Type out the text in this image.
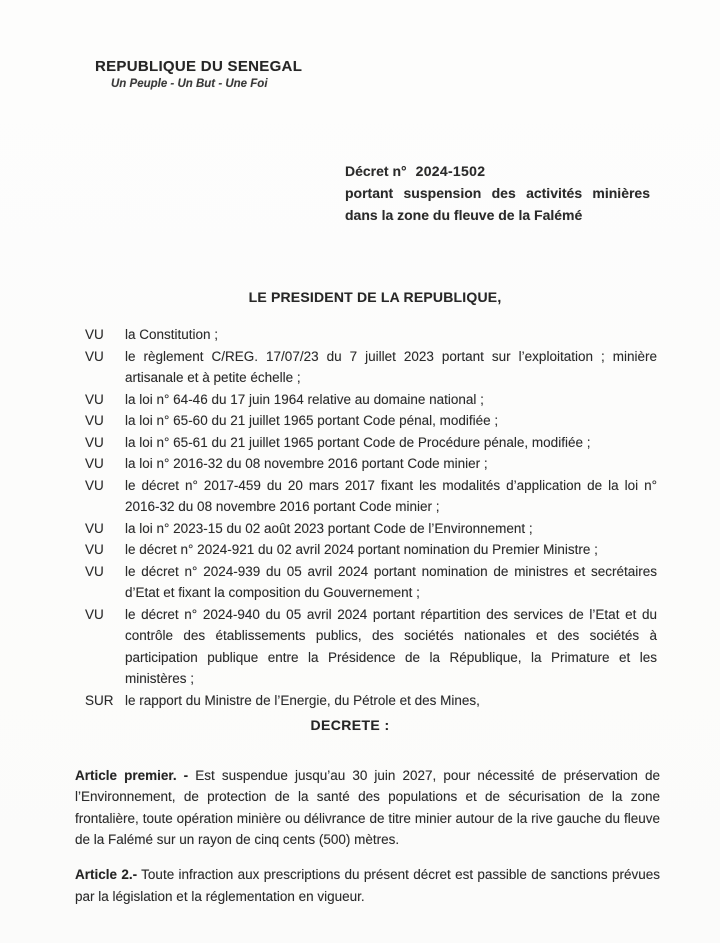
REPUBLIQUE DU SENEGAL
Un Peuple - Un But - Une Foi
Décret n° 2024-1502
portant suspension des activités minières dans la zone du fleuve de la Falémé
LE PRESIDENT DE LA REPUBLIQUE,
VU	la Constitution ;
VU	le règlement C/REG. 17/07/23 du 7 juillet 2023 portant sur l’exploitation ; minière artisanale et à petite échelle ;
VU	la loi n° 64-46 du 17 juin 1964 relative au domaine national ;
VU	la loi n° 65-60 du 21 juillet 1965 portant Code pénal, modifiée ;
VU	la loi n° 65-61 du 21 juillet 1965 portant Code de Procédure pénale, modifiée ;
VU	la loi n° 2016-32 du 08 novembre 2016 portant Code minier ;
VU	le décret n° 2017-459 du 20 mars 2017 fixant les modalités d’application de la loi n° 2016-32 du 08 novembre 2016 portant Code minier ;
VU	la loi n° 2023-15 du 02 août 2023 portant Code de l’Environnement ;
VU	le décret n° 2024-921 du 02 avril 2024 portant nomination du Premier Ministre ;
VU	le décret n° 2024-939 du 05 avril 2024 portant nomination de ministres et secrétaires d’Etat et fixant la composition du Gouvernement ;
VU	le décret n° 2024-940 du 05 avril 2024 portant répartition des services de l’Etat et du contrôle des établissements publics, des sociétés nationales et des sociétés à participation publique entre la Présidence de la République, la Primature et les ministères ;
SUR le rapport du Ministre de l’Energie, du Pétrole et des Mines,
DECRETE :

Article premier. - Est suspendue jusqu’au 30 juin 2027, pour nécessité de préservation de l’Environnement, de protection de la santé des populations et de sécurisation de la zone frontalière, toute opération minière ou délivrance de titre minier autour de la rive gauche du fleuve de la Falémé sur un rayon de cinq cents (500) mètres.

Article 2.- Toute infraction aux prescriptions du présent décret est passible de sanctions prévues par la législation et la réglementation en vigueur.
